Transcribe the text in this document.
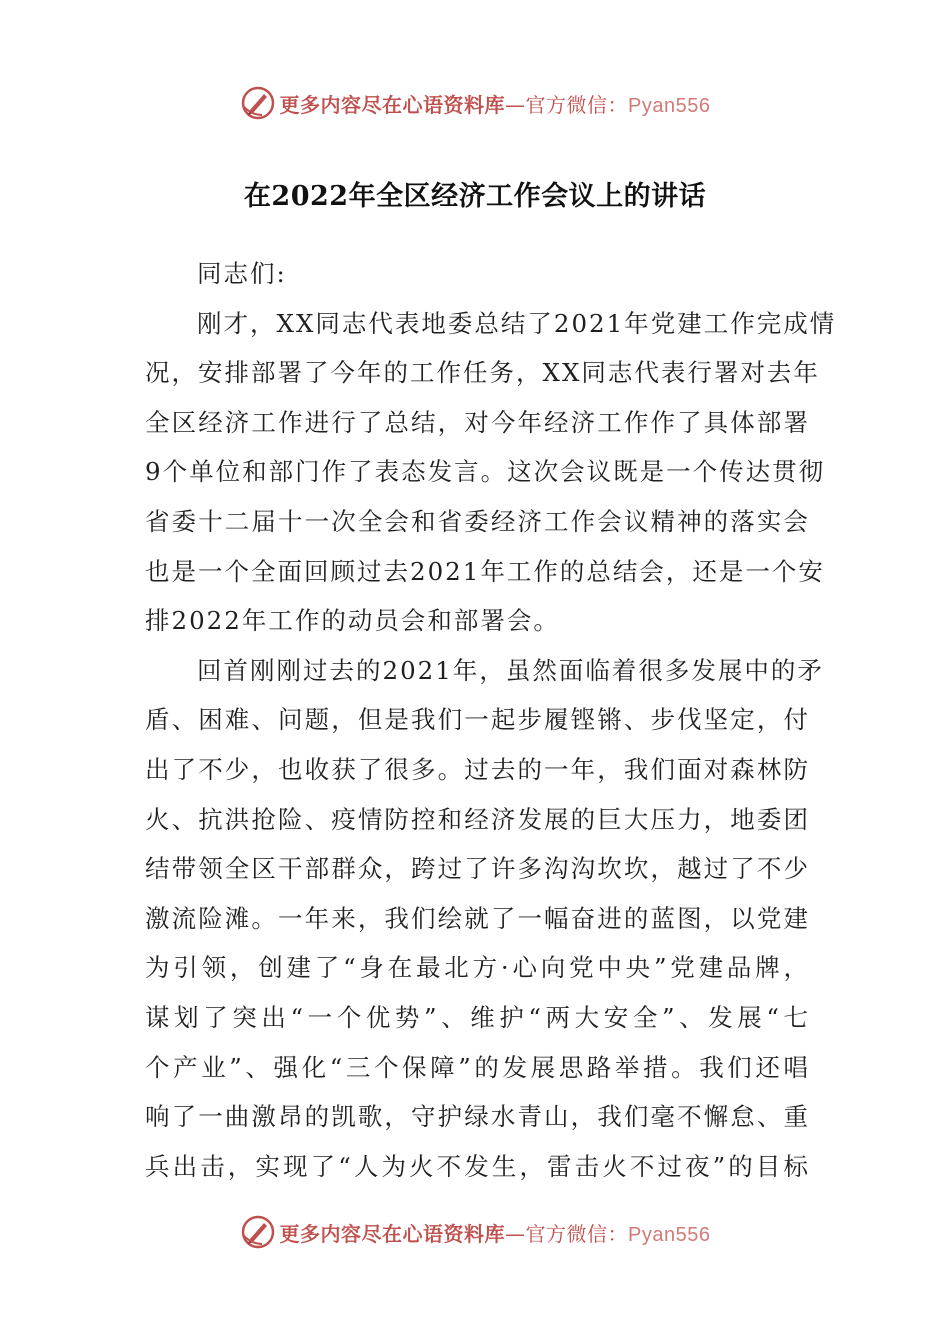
更多内容尽在心语资料库—官方微信：Pyan556
在2022年全区经济工作会议上的讲话
同志们:
刚才，XX同志代表地委总结了2021年党建工作完成情
况，安排部署了今年的工作任务，XX同志代表行署对去年
全区经济工作进行了总结，对今年经济工作作了具体部署
9个单位和部门作了表态发言。这次会议既是一个传达贯彻
省委十二届十一次全会和省委经济工作会议精神的落实会
也是一个全面回顾过去2021年工作的总结会，还是一个安
排2022年工作的动员会和部署会。
回首刚刚过去的2021年，虽然面临着很多发展中的矛
盾、困难、问题，但是我们一起步履铿锵、步伐坚定，付
出了不少，也收获了很多。过去的一年，我们面对森林防
火、抗洪抢险、疫情防控和经济发展的巨大压力，地委团
结带领全区干部群众，跨过了许多沟沟坎坎，越过了不少
激流险滩。一年来，我们绘就了一幅奋进的蓝图，以党建
为引领，创建了“身在最北方·心向党中央”党建品牌，
谋划了突出“一个优势”、维护“两大安全”、发展“七
个产业”、强化“三个保障”的发展思路举措。我们还唱
响了一曲激昂的凯歌，守护绿水青山，我们毫不懈怠、重
兵出击，实现了“人为火不发生，雷击火不过夜”的目标
更多内容尽在心语资料库—官方微信：Pyan556
